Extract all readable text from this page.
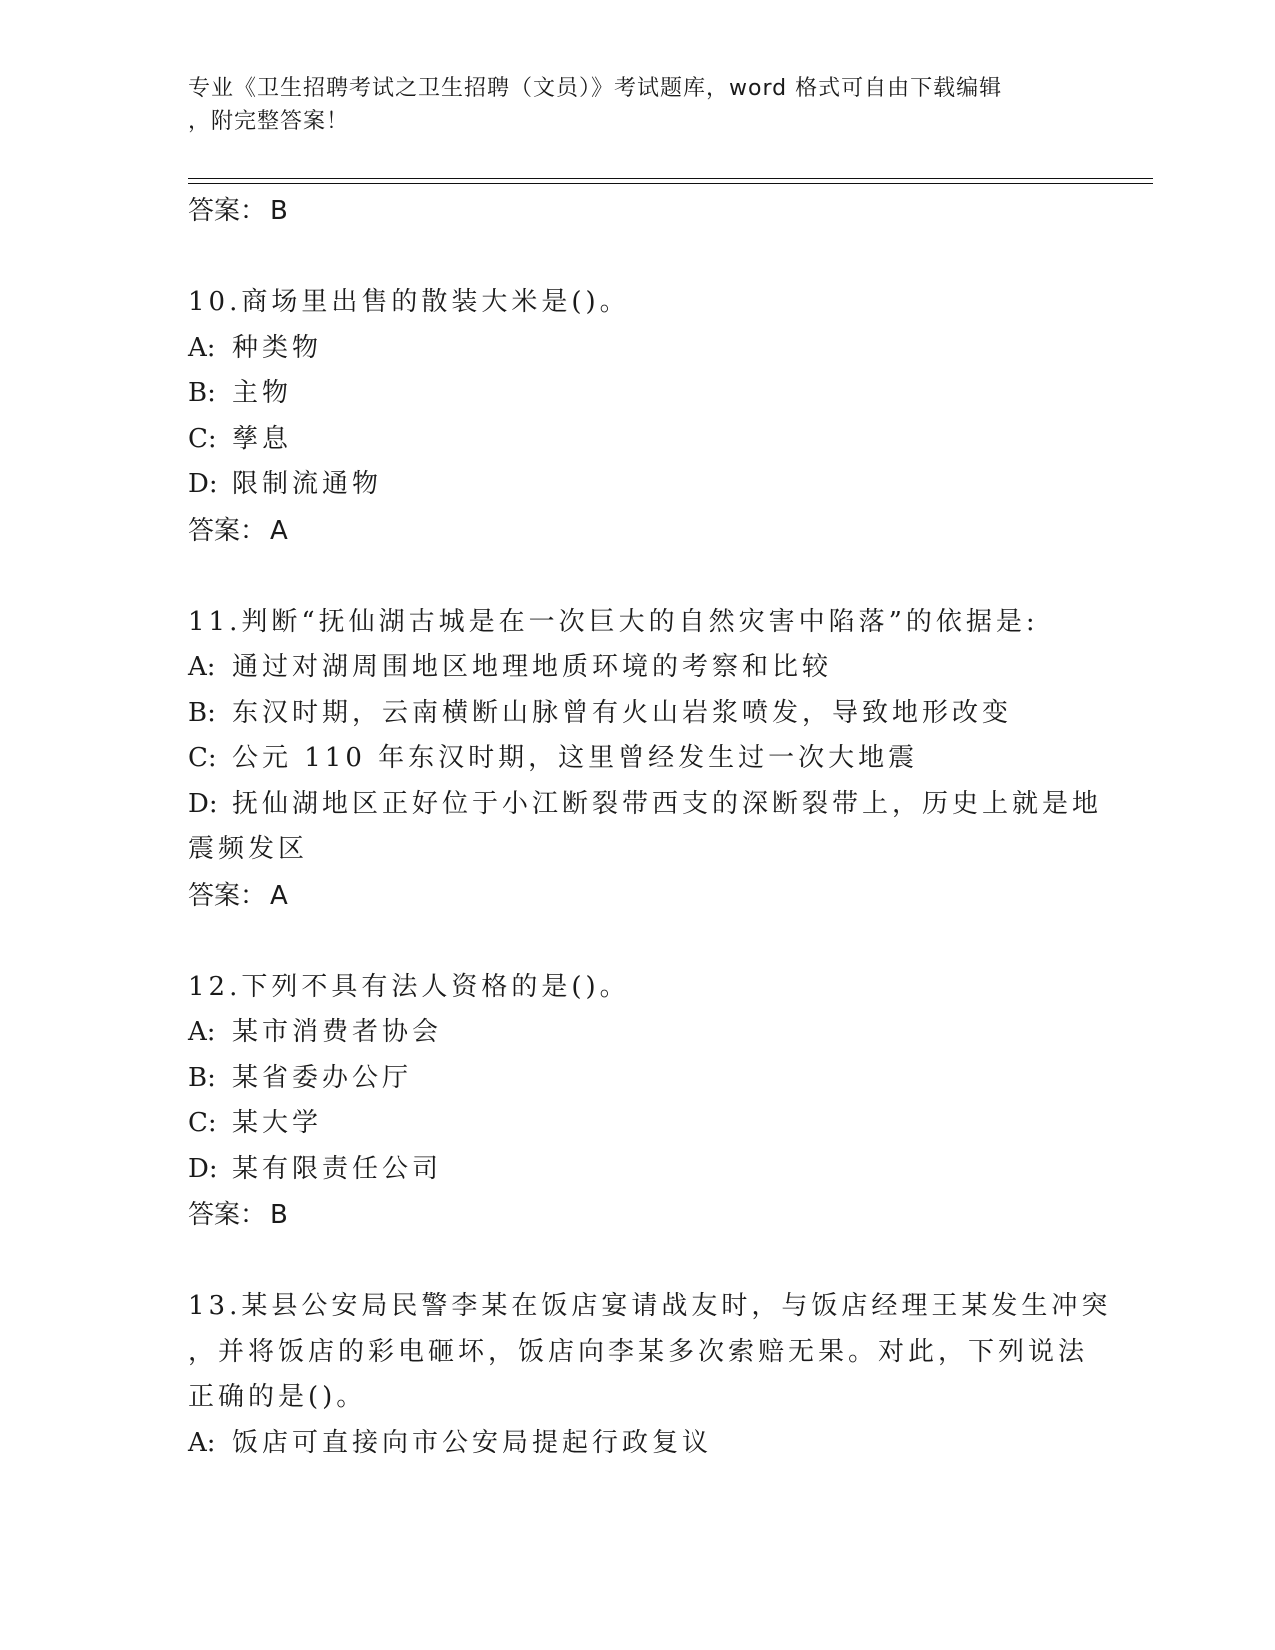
专业《卫生招聘考试之卫生招聘（文员）》考试题库，word 格式可自由下载编辑
，附完整答案！
答案： B
10.商场里出售的散装大米是()。
A: 种类物
B: 主物
C: 孳息
D: 限制流通物
答案： A
11.判断“抚仙湖古城是在一次巨大的自然灾害中陷落”的依据是:
A: 通过对湖周围地区地理地质环境的考察和比较
B: 东汉时期，云南横断山脉曾有火山岩浆喷发，导致地形改变
C: 公元 110 年东汉时期，这里曾经发生过一次大地震
D: 抚仙湖地区正好位于小江断裂带西支的深断裂带上，历史上就是地
震频发区
答案： A
12.下列不具有法人资格的是()。
A: 某市消费者协会
B: 某省委办公厅
C: 某大学
D: 某有限责任公司
答案： B
13.某县公安局民警李某在饭店宴请战友时，与饭店经理王某发生冲突
，并将饭店的彩电砸坏，饭店向李某多次索赔无果。对此，下列说法
正确的是()。
A: 饭店可直接向市公安局提起行政复议
